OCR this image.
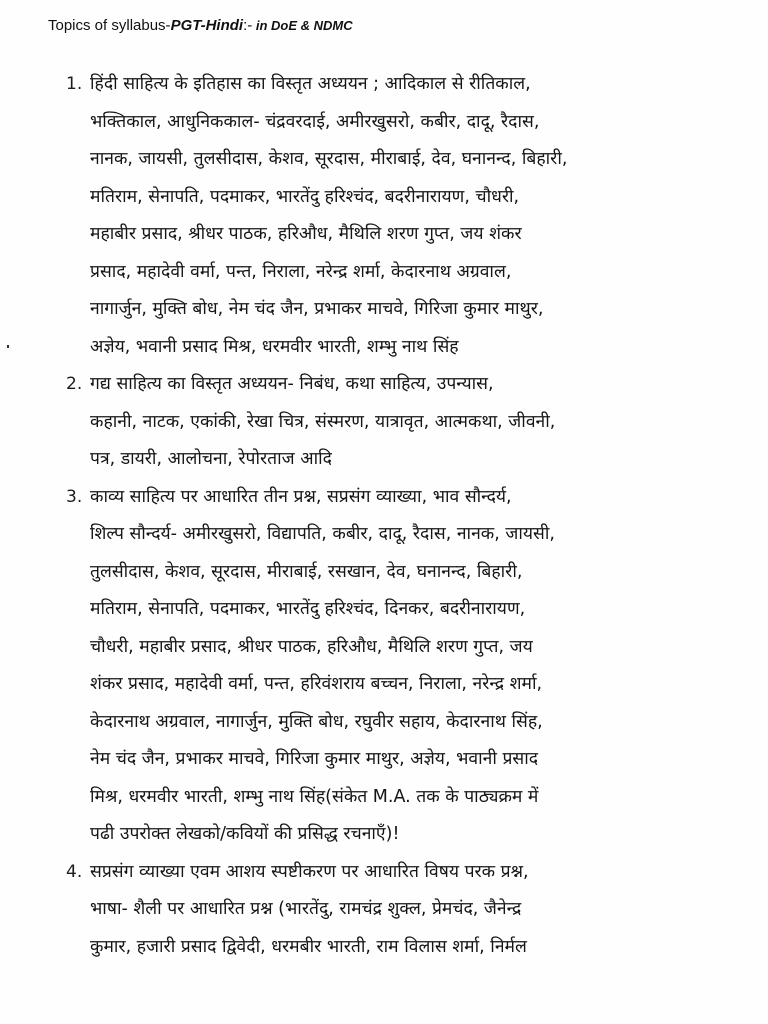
Topics of syllabus-PGT-Hindi:- in DoE & NDMC
1. हिंदी साहित्य के इतिहास का विस्तृत अध्ययन ; आदिकाल से रीतिकाल,
भक्तिकाल, आधुनिककाल- चंद्रवरदाई, अमीरखुसरो, कबीर, दादू, रैदास,
नानक, जायसी, तुलसीदास, केशव, सूरदास, मीराबाई, देव, घनानन्द, बिहारी,
मतिराम, सेनापति, पदमाकर, भारतेंदु हरिश्चंद, बदरीनारायण, चौधरी,
महाबीर प्रसाद, श्रीधर पाठक, हरिऔध, मैथिलि शरण गुप्त, जय शंकर
प्रसाद, महादेवी वर्मा, पन्त, निराला, नरेन्द्र शर्मा, केदारनाथ अग्रवाल,
नागार्जुन, मुक्ति बोध, नेम चंद जैन, प्रभाकर माचवे, गिरिजा कुमार माथुर,
अज्ञेय, भवानी प्रसाद मिश्र, धरमवीर भारती, शम्भु नाथ सिंह
2. गद्य साहित्य का विस्तृत अध्ययन- निबंध, कथा साहित्य, उपन्यास,
कहानी, नाटक, एकांकी, रेखा चित्र, संस्मरण, यात्रावृत, आत्मकथा, जीवनी,
पत्र, डायरी, आलोचना, रेपोरताज आदि
3. काव्य साहित्य पर आधारित तीन प्रश्न, सप्रसंग व्याख्या, भाव सौन्दर्य,
शिल्प सौन्दर्य- अमीरखुसरो, विद्यापति, कबीर, दादू, रैदास, नानक, जायसी,
तुलसीदास, केशव, सूरदास, मीराबाई, रसखान, देव, घनानन्द, बिहारी,
मतिराम, सेनापति, पदमाकर, भारतेंदु हरिश्चंद, दिनकर, बदरीनारायण,
चौधरी, महाबीर प्रसाद, श्रीधर पाठक, हरिऔध, मैथिलि शरण गुप्त, जय
शंकर प्रसाद, महादेवी वर्मा, पन्त, हरिवंशराय बच्चन, निराला, नरेन्द्र शर्मा,
केदारनाथ अग्रवाल, नागार्जुन, मुक्ति बोध, रघुवीर सहाय, केदारनाथ सिंह,
नेम चंद जैन, प्रभाकर माचवे, गिरिजा कुमार माथुर, अज्ञेय, भवानी प्रसाद
मिश्र, धरमवीर भारती, शम्भु नाथ सिंह(संकेत M.A. तक के पाठ्यक्रम में
पढी उपरोक्त लेखको/कवियों की प्रसिद्ध रचनाएँ)!
4. सप्रसंग व्याख्या एवम आशय स्पष्टीकरण पर आधारित विषय परक प्रश्न,
भाषा- शैली पर आधारित प्रश्न (भारतेंदु, रामचंद्र शुक्ल, प्रेमचंद, जैनेन्द्र
कुमार, हजारी प्रसाद द्विवेदी, धरमबीर भारती, राम विलास शर्मा, निर्मल
